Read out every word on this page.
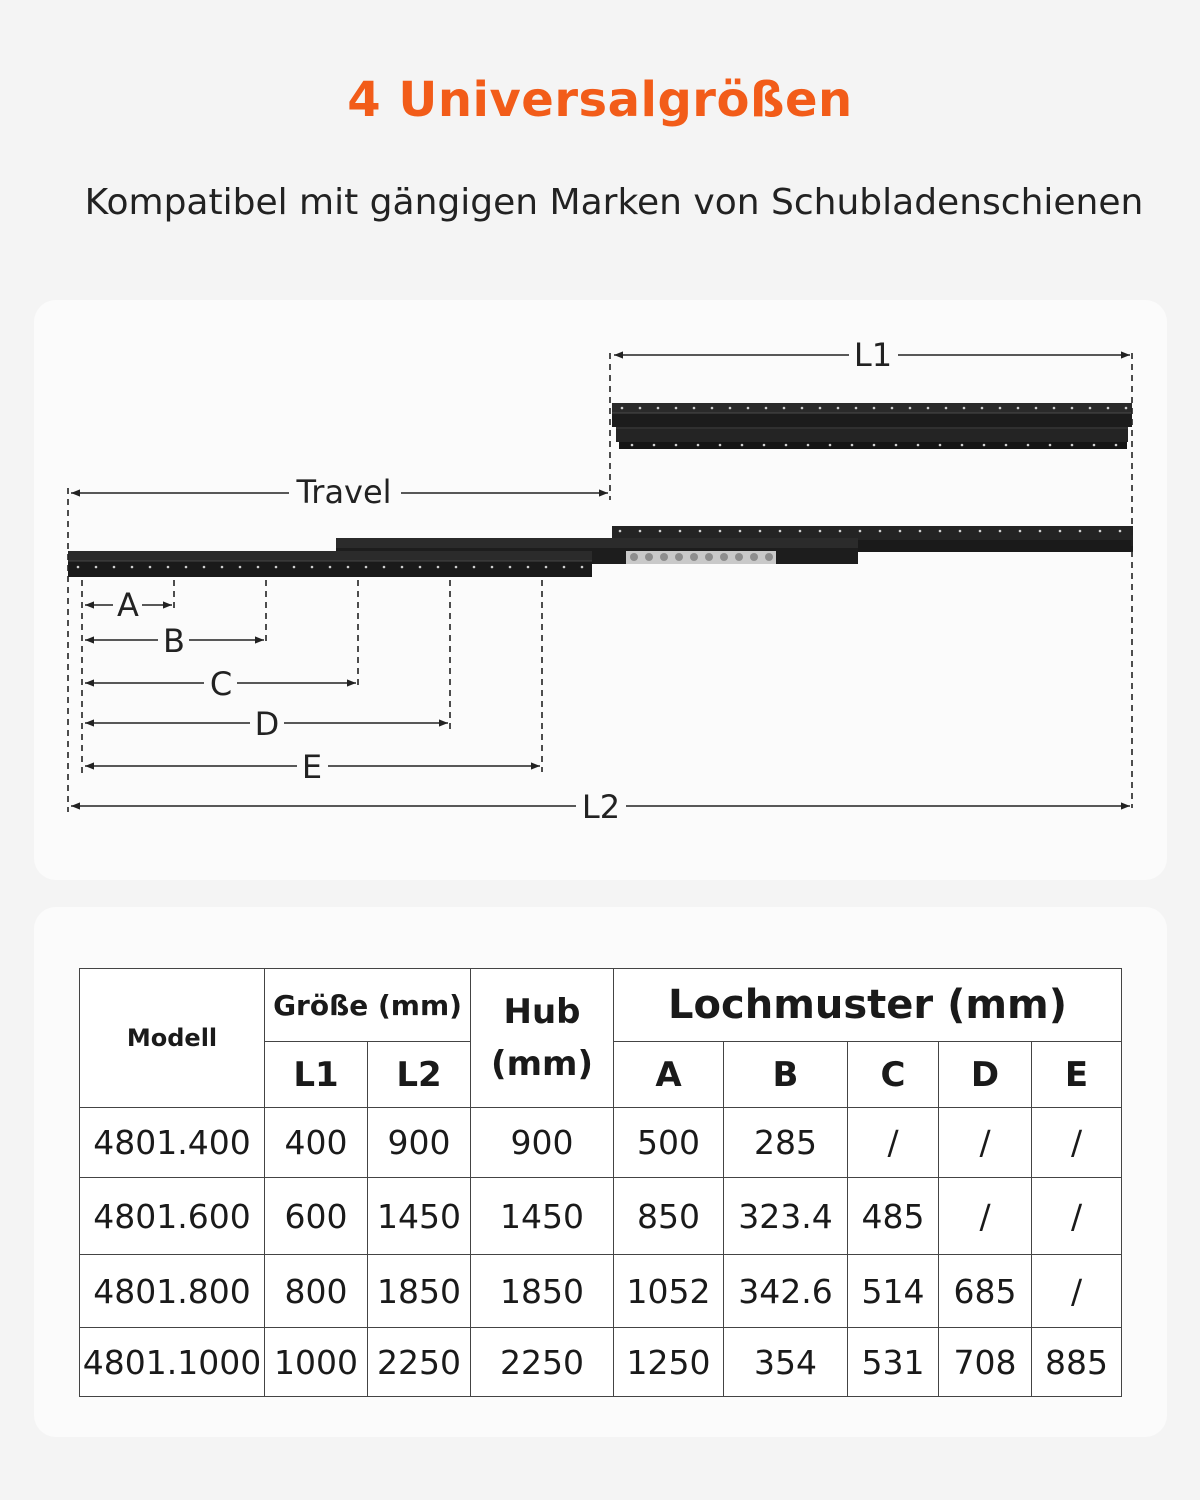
4 Universalgrößen
Kompatibel mit gängigen Marken von Schubladenschienen
L1
Travel
A
B
C
D
E
L2
Modell	Größe (mm)		Hub
(mm)	Lochmuster (mm)				
	L1	L2		A	B	C	D	E
4801.400	400	900	900	500	285	/	/	/
4801.600	600	1450	1450	850	323.4	485	/	/
4801.800	800	1850	1850	1052	342.6	514	685	/
4801.1000	1000	2250	2250	1250	354	531	708	885
